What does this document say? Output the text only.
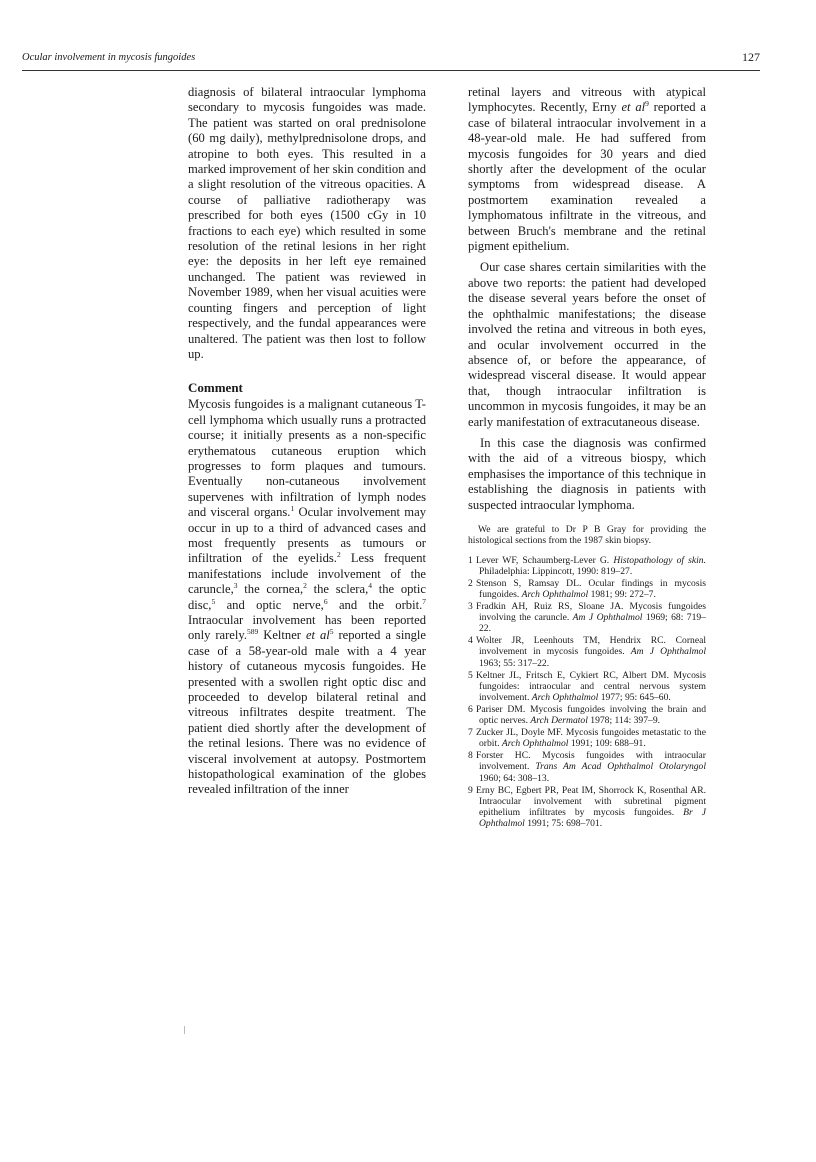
Ocular involvement in mycosis fungoides	127

diagnosis of bilateral intraocular lymphoma secondary to mycosis fungoides was made. The patient was started on oral prednisolone (60 mg daily), methylprednisolone drops, and atropine to both eyes. This resulted in a marked improvement of her skin condition and a slight resolution of the vitreous opacities. A course of palliative radiotherapy was prescribed for both eyes (1500 cGy in 10 fractions to each eye) which resulted in some resolution of the retinal lesions in her right eye: the deposits in her left eye remained unchanged. The patient was reviewed in November 1989, when her visual acuities were counting fingers and perception of light respectively, and the fundal appearances were unaltered. The patient was then lost to follow up.

Comment

Mycosis fungoides is a malignant cutaneous T-cell lymphoma which usually runs a protracted course; it initially presents as a non-specific erythematous cutaneous eruption which progresses to form plaques and tumours. Eventually non-cutaneous involvement supervenes with infiltration of lymph nodes and visceral organs.$^1$ Ocular involvement may occur in up to a third of advanced cases and most frequently presents as tumours or infiltration of the eyelids.$^2$ Less frequent manifestations include involvement of the caruncle,$^3$ the cornea,$^2$ the sclera,$^4$ the optic disc,$^5$ and optic nerve,$^6$ and the orbit.$^7$ Intraocular involvement has been reported only rarely.$^{589}$ Keltner et $al^5$ reported a single case of a 58-year-old male with a 4 year history of cutaneous mycosis fungoides. He presented with a swollen right optic disc and proceeded to develop bilateral retinal and vitreous infiltrates despite treatment. The patient died shortly after the development of the retinal lesions. There was no evidence of visceral involvement at autopsy. Postmortem histopathological examination of the globes revealed infiltration of the inner

retinal layers and vitreous with atypical lymphocytes. Recently, Erny et $al^9$ reported a case of bilateral intraocular involvement in a 48-year-old male. He had suffered from mycosis fungoides for 30 years and died shortly after the development of the ocular symptoms from widespread disease. A postmortem examination revealed a lymphomatous infiltrate in the vitreous, and between Bruch's membrane and the retinal pigment epithelium.

Our case shares certain similarities with the above two reports: the patient had developed the disease several years before the onset of the ophthalmic manifestations; the disease involved the retina and vitreous in both eyes, and ocular involvement occurred in the absence of, or before the appearance, of widespread visceral disease. It would appear that, though intraocular infiltration is uncommon in mycosis fungoides, it may be an early manifestation of extracutaneous disease.

In this case the diagnosis was confirmed with the aid of a vitreous biospy, which emphasises the importance of this technique in establishing the diagnosis in patients with suspected intraocular lymphoma.

We are grateful to Dr P B Gray for providing the histological sections from the 1987 skin biopsy.

1 Lever WF, Schaumberg-Lever G. Histopathology of skin. Philadelphia: Lippincott, 1990: 819–27.
2 Stenson S, Ramsay DL. Ocular findings in mycosis fungoides. Arch Ophthalmol 1981; 99: 272–7.
3 Fradkin AH, Ruiz RS, Sloane JA. Mycosis fungoides involving the caruncle. Am J Ophthalmol 1969; 68: 719–22.
4 Wolter JR, Leenhouts TM, Hendrix RC. Corneal involvement in mycosis fungoides. Am J Ophthalmol 1963; 55: 317–22.
5 Keltner JL, Fritsch E, Cykiert RC, Albert DM. Mycosis fungoides: intraocular and central nervous system involvement. Arch Ophthalmol 1977; 95: 645–60.
6 Pariser DM. Mycosis fungoides involving the brain and optic nerves. Arch Dermatol 1978; 114: 397–9.
7 Zucker JL, Doyle MF. Mycosis fungoides metastatic to the orbit. Arch Ophthalmol 1991; 109: 688–91.
8 Forster HC. Mycosis fungoides with intraocular involvement. Trans Am Acad Ophthalmol Otolaryngol 1960; 64: 308–13.
9 Erny BC, Egbert PR, Peat IM, Shorrock K, Rosenthal AR. Intraocular involvement with subretinal pigment epithelium infiltrates by mycosis fungoides. Br J Ophthalmol 1991; 75: 698–701.
